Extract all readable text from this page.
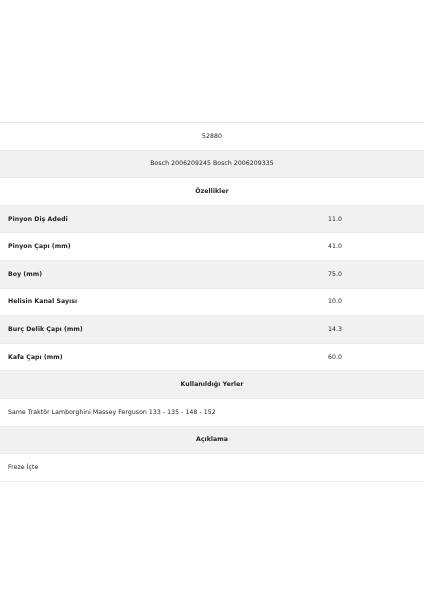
52880
Bosch 2006209245 Bosch 2006209335
Özellikler
Pinyon Diş Adedi	11.0
Pinyon Çapı (mm)	41.0
Boy (mm)	75.0
Helisin Kanal Sayısı	10.0
Burç Delik Çapı (mm)	14.3
Kafa Çapı (mm)	60.0
Kullanıldığı Yerler
Same Traktör Lamborghini Massey Ferguson 133 - 135 - 148 - 152
Açıklama
Freze İçte
